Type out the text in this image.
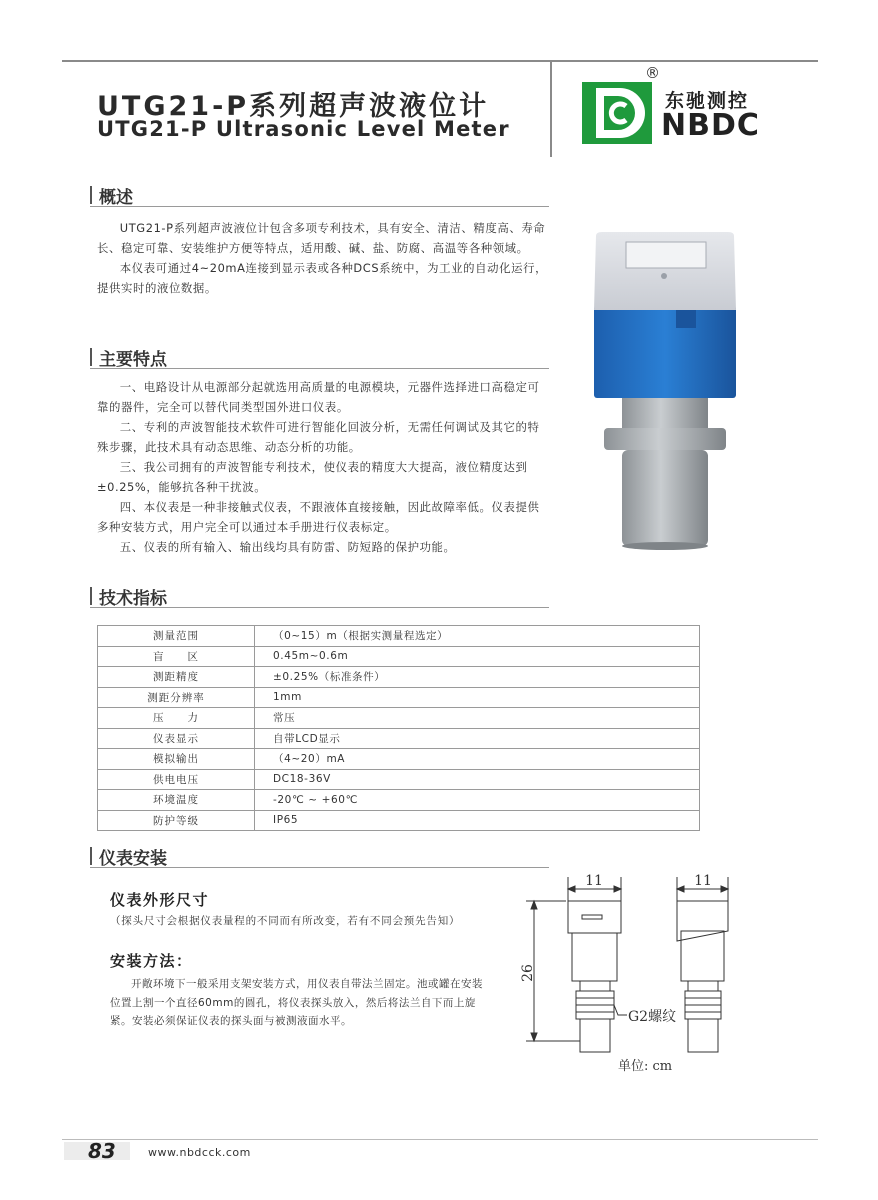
UTG21-P系列超声波液位计
UTG21-P Ultrasonic Level Meter
®
东驰测控
NBDC
概述

UTG21-P系列超声波液位计包含多项专利技术，具有安全、清洁、精度高、寿命长、稳定可靠、安装维护方便等特点，适用酸、碱、盐、防腐、高温等各种领域。

本仪表可通过4~20mA连接到显示表或各种DCS系统中，为工业的自动化运行，提供实时的液位数据。

主要特点

一、电路设计从电源部分起就选用高质量的电源模块，元器件选择进口高稳定可靠的器件，完全可以替代同类型国外进口仪表。

二、专利的声波智能技术软件可进行智能化回波分析，无需任何调试及其它的特殊步骤，此技术具有动态思维、动态分析的功能。

三、我公司拥有的声波智能专利技术，使仪表的精度大大提高，液位精度达到±0.25%，能够抗各种干扰波。

四、本仪表是一种非接触式仪表，不跟液体直接接触，因此故障率低。仪表提供多种安装方式，用户完全可以通过本手册进行仪表标定。

五、仪表的所有输入、输出线均具有防雷、防短路的保护功能。

技术指标
测量范围	（0~15）m（根据实测量程选定）
盲　　区	0.45m~0.6m
测距精度	±0.25%（标准条件）
测距分辨率	1mm
压　　力	常压
仪表显示	自带LCD显示
模拟输出	（4~20）mA
供电电压	DC18-36V
环境温度	-20℃ ~ +60℃
防护等级	IP65
仪表安装
仪表外形尺寸
（探头尺寸会根据仪表量程的不同而有所改变，若有不同会预先告知）
安装方法：

开敞环境下一般采用支架安装方式，用仪表自带法兰固定。池或罐在安装位置上割一个直径60mm的圆孔，将仪表探头放入，然后将法兰自下而上旋紧。安装必须保证仪表的探头面与被测液面水平。

11	11
26
G2螺纹
单位: cm
83	www.nbdcck.com
